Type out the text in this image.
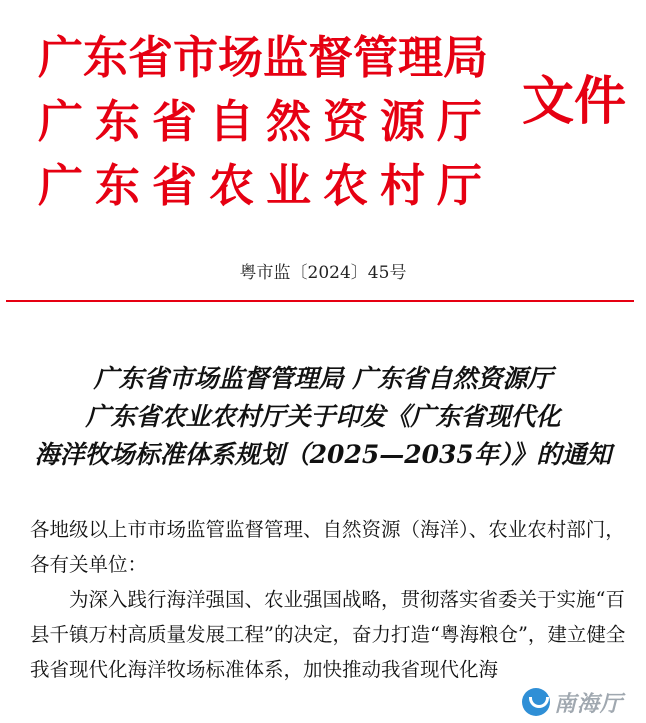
广东省市场监督管理局
广东省自然资源厅
广东省农业农村厅
文件
粤市监〔2024〕45号
广东省市场监督管理局 广东省自然资源厅
广东省农业农村厅关于印发《广东省现代化
海洋牧场标准体系规划（2025—2035年）》的通知

各地级以上市市场监管监督管理、自然资源（海洋）、农业农村部门，各有关单位：

为深入践行海洋强国、农业强国战略，贯彻落实省委关于实施“百县千镇万村高质量发展工程”的决定，奋力打造“粤海粮仓”，建立健全我省现代化海洋牧场标准体系，加快推动我省现代化海

南海厅
